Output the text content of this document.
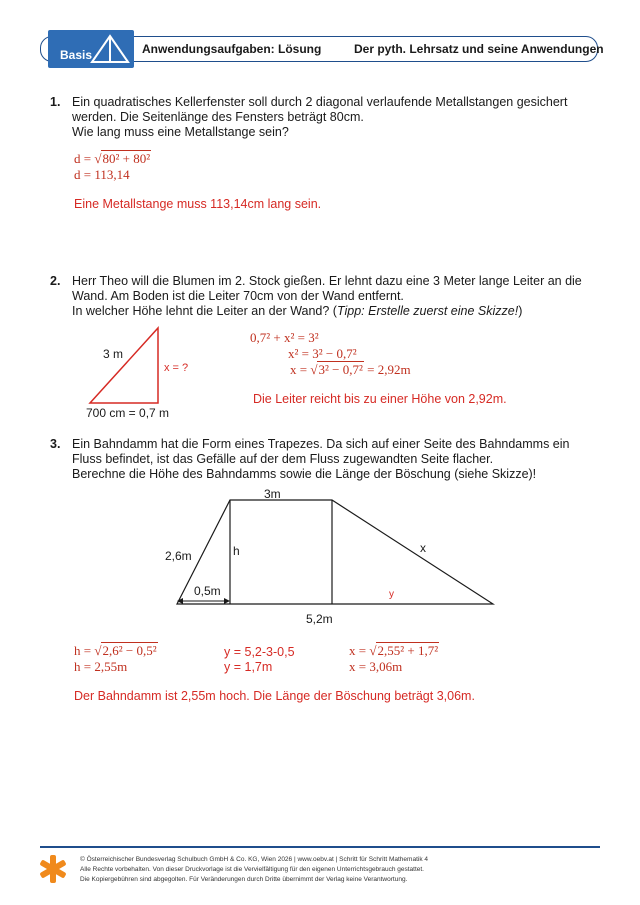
Basis	Anwendungsaufgaben: Lösung	Der pyth. Lehrsatz und seine Anwendungen
1. Ein quadratisches Kellerfenster soll durch 2 diagonal verlaufende Metallstangen gesichert
werden. Die Seitenlänge des Fensters beträgt 80cm.
Wie lang muss eine Metallstange sein?
d = √80² + 80²
d = 113,14
Eine Metallstange muss 113,14cm lang sein.
2. Herr Theo will die Blumen im 2. Stock gießen. Er lehnt dazu eine 3 Meter lange Leiter an die
Wand. Am Boden ist die Leiter 70cm von der Wand entfernt.
In welcher Höhe lehnt die Leiter an der Wand? (Tipp: Erstelle zuerst eine Skizze!)
3 m
x = ?
700 cm = 0,7 m
0,7² + x² = 3²
x² = 3² − 0,7²
x = √3² − 0,7² = 2,92m
Die Leiter reicht bis zu einer Höhe von 2,92m.
3. Ein Bahndamm hat die Form eines Trapezes. Da sich auf einer Seite des Bahndamms ein
Fluss befindet, ist das Gefälle auf der dem Fluss zugewandten Seite flacher.
Berechne die Höhe des Bahndamms sowie die Länge der Böschung (siehe Skizze)!
3m
2,6m	h
0,5m
x
y
5,2m
h = √2,6² − 0,5²
h = 2,55m
y = 5,2-3-0,5
y = 1,7m
x = √2,55² + 1,7²
x = 3,06m
Der Bahndamm ist 2,55m hoch. Die Länge der Böschung beträgt 3,06m.
© Österreichischer Bundesverlag Schulbuch GmbH & Co. KG, Wien 2026 | www.oebv.at | Schritt für Schritt Mathematik 4
Alle Rechte vorbehalten. Von dieser Druckvorlage ist die Vervielfältigung für den eigenen Unterrichtsgebrauch gestattet.
Die Kopiergebühren sind abgegolten. Für Veränderungen durch Dritte übernimmt der Verlag keine Verantwortung.
